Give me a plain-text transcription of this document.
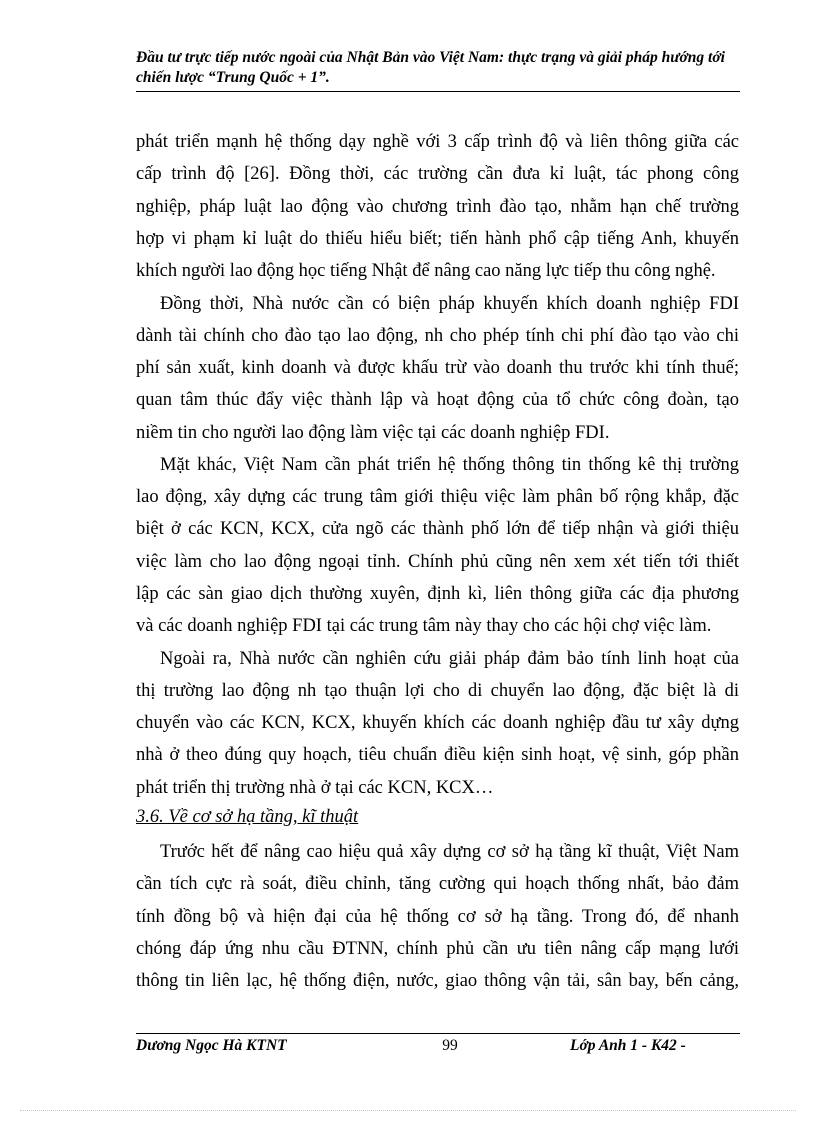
Đầu tư trực tiếp nước ngoài của Nhật Bản vào Việt Nam: thực trạng và giải pháp hướng tới chiến lược “Trung Quốc + 1”.
phát triển mạnh hệ thống dạy nghề với 3 cấp trình độ và liên thông giữa các
cấp trình độ [26]. Đồng thời, các trường cần đưa kỉ luật, tác phong công
nghiệp, pháp luật lao động vào chương trình đào tạo, nhằm hạn chế trường
hợp vi phạm kỉ luật do thiếu hiểu biết; tiến hành phổ cập tiếng Anh, khuyến
khích người lao động học tiếng Nhật để nâng cao năng lực tiếp thu công nghệ.
Đồng thời, Nhà nước cần có biện pháp khuyến khích doanh nghiệp FDI
dành tài chính cho đào tạo lao động, nh cho phép tính chi phí đào tạo vào chi
phí sản xuất, kinh doanh và được khấu trừ vào doanh thu trước khi tính thuế;
quan tâm thúc đẩy việc thành lập và hoạt động của tổ chức công đoàn, tạo
niềm tin cho người lao động làm việc tại các doanh nghiệp FDI.
Mặt khác, Việt Nam cần phát triển hệ thống thông tin thống kê thị trường
lao động, xây dựng các trung tâm giới thiệu việc làm phân bố rộng khắp, đặc
biệt ở các KCN, KCX, cửa ngõ các thành phố lớn để tiếp nhận và giới thiệu
việc làm cho lao động ngoại tỉnh. Chính phủ cũng nên xem xét tiến tới thiết
lập các sàn giao dịch thường xuyên, định kì, liên thông giữa các địa phương
và các doanh nghiệp FDI tại các trung tâm này thay cho các hội chợ việc làm.
Ngoài ra, Nhà nước cần nghiên cứu giải pháp đảm bảo tính linh hoạt của
thị trường lao động nh tạo thuận lợi cho di chuyển lao động, đặc biệt là di
chuyển vào các KCN, KCX, khuyến khích các doanh nghiệp đầu tư xây dựng
nhà ở theo đúng quy hoạch, tiêu chuẩn điều kiện sinh hoạt, vệ sinh, góp phần
phát triển thị trường nhà ở tại các KCN, KCX…
3.6. Về cơ sở hạ tầng, kĩ thuật
Trước hết để nâng cao hiệu quả xây dựng cơ sở hạ tầng kĩ thuật, Việt Nam
cần tích cực rà soát, điều chỉnh, tăng cường qui hoạch thống nhất, bảo đảm
tính đồng bộ và hiện đại của hệ thống cơ sở hạ tầng. Trong đó, để nhanh
chóng đáp ứng nhu cầu ĐTNN, chính phủ cần ưu tiên nâng cấp mạng lưới
thông tin liên lạc, hệ thống điện, nước, giao thông vận tải, sân bay, bến cảng,
Dương Ngọc Hà KTNT	99	Lớp Anh 1 - K42 -
